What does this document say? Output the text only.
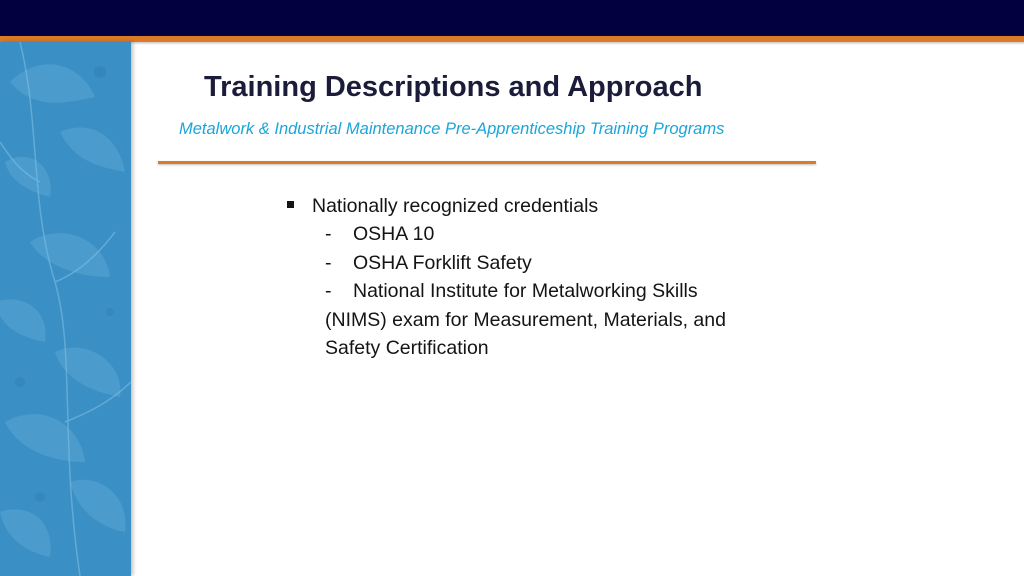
Training Descriptions and Approach

Metalwork & Industrial Maintenance Pre-Apprenticeship Training Programs

Nationally recognized credentials
- OSHA 10
- OSHA Forklift Safety
- National Institute for Metalworking Skills
(NIMS) exam for Measurement, Materials, and
Safety Certification
